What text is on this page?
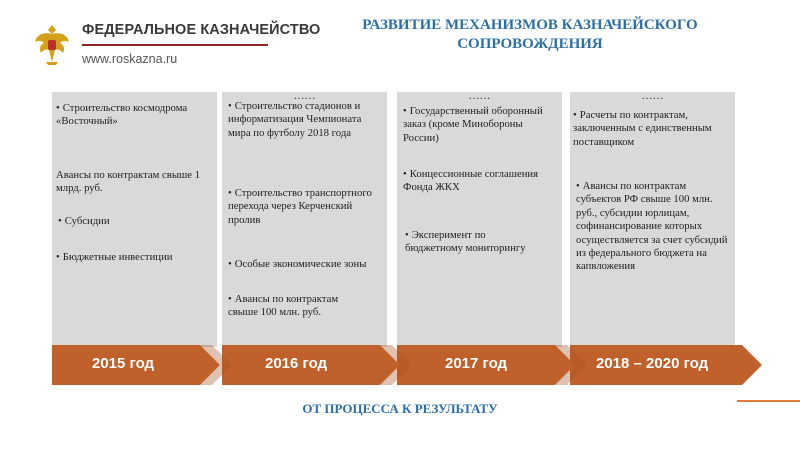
ФЕДЕРАЛЬНОЕ КАЗНАЧЕЙСТВО
www.roskazna.ru
РАЗВИТИЕ МЕХАНИЗМОВ КАЗНАЧЕЙСКОГО
СОПРОВОЖДЕНИЯ
• Строительство космодрома «Восточный»
Авансы по контрактам свыше 1 млрд. руб.
• Субсидии
• Бюджетные инвестиции
……
• Строительство стадионов и информатизация Чемпионата мира по футболу 2018 года
• Строительство транспортного перехода через Керченский пролив
• Особые экономические зоны
• Авансы по контрактам свыше 100 млн. руб.
……
• Государственный оборонный заказ (кроме Минобороны России)
• Концессионные соглашения Фонда ЖКХ
• Эксперимент по бюджетному мониторингу
……
• Расчеты по контрактам, заключенным с единственным поставщиком
• Авансы по контрактам субъектов РФ свыше 100 млн. руб., субсидии юрлицам, софинансирование которых осуществляется за счет субсидий из федерального бюджета на капвложения
2015 год	2016 год	2017 год	2018 – 2020 год
ОТ ПРОЦЕССА К РЕЗУЛЬТАТУ
